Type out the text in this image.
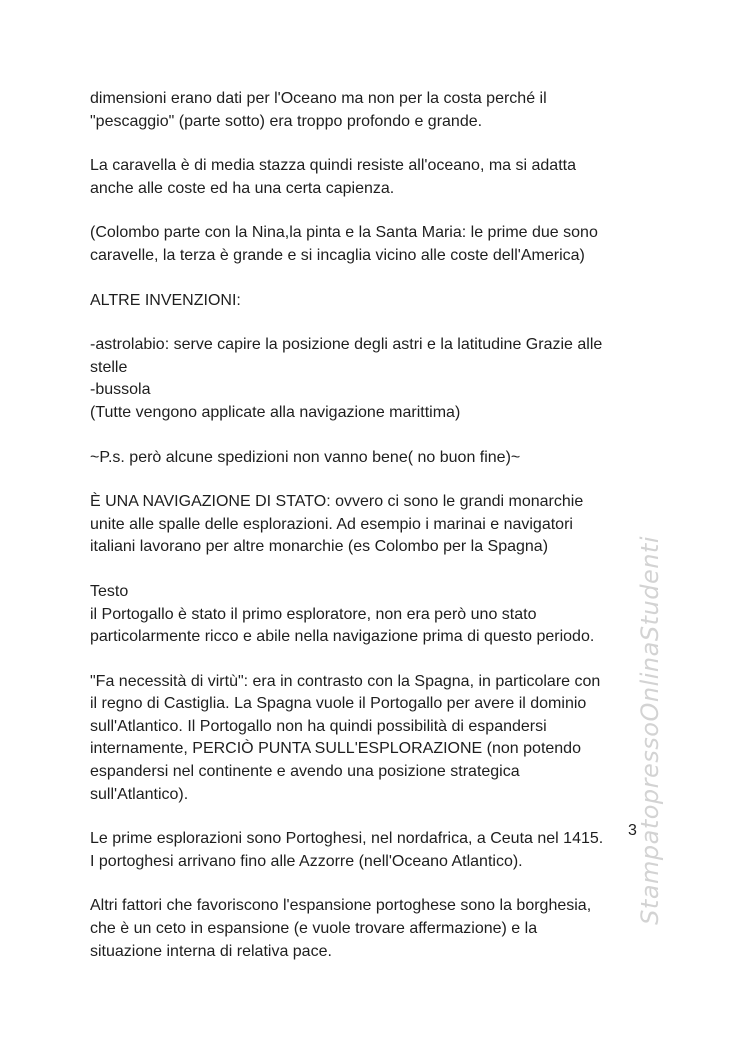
dimensioni erano dati per l'Oceano ma non per la costa perché il
"pescaggio" (parte sotto) era troppo profondo e grande.

La caravella è di media stazza quindi resiste all'oceano, ma si adatta
anche alle coste ed ha una certa capienza.

(Colombo parte con la Nina,la pinta e la Santa Maria: le prime due sono
caravelle, la terza è grande e si incaglia vicino alle coste dell'America)

ALTRE INVENZIONI:

-astrolabio: serve capire la posizione degli astri e la latitudine Grazie alle
stelle
-bussola
(Tutte vengono applicate alla navigazione marittima)

~P.s. però alcune spedizioni non vanno bene( no buon fine)~

È UNA NAVIGAZIONE DI STATO: ovvero ci sono le grandi monarchie
unite alle spalle delle esplorazioni. Ad esempio i marinai e navigatori
italiani lavorano per altre monarchie (es Colombo per la Spagna)

Testo
il Portogallo è stato il primo esploratore, non era però uno stato
particolarmente ricco e abile nella navigazione prima di questo periodo.

"Fa necessità di virtù": era in contrasto con la Spagna, in particolare con
il regno di Castiglia. La Spagna vuole il Portogallo per avere il dominio
sull'Atlantico. Il Portogallo non ha quindi possibilità di espandersi
internamente, PERCIÒ PUNTA SULL'ESPLORAZIONE (non potendo
espandersi nel continente e avendo una posizione strategica
sull'Atlantico).

Le prime esplorazioni sono Portoghesi, nel nordafrica, a Ceuta nel 1415.
I portoghesi arrivano fino alle Azzorre (nell'Oceano Atlantico).

Altri fattori che favoriscono l'espansione portoghese sono la borghesia,
che è un ceto in espansione (e vuole trovare affermazione) e la
situazione interna di relativa pace.

StampatopressoOnlinaStudenti
3
